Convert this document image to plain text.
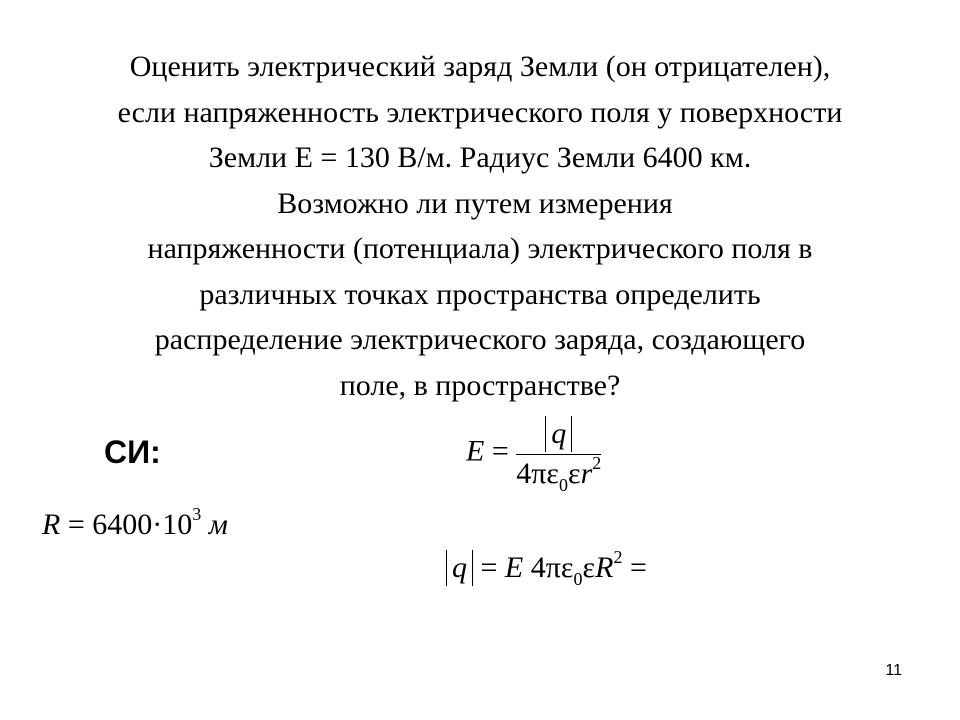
Оценить электрический заряд Земли (он отрицателен),
если напряженность электрического поля у поверхности
Земли E = 130 В/м. Радиус Земли 6400 км.
Возможно ли путем измерения
напряженности (потенциала) электрического поля в
различных точках пространства определить
распределение электрического заряда, создающего
поле, в пространстве?
СИ:
$R = 6400\cdot 10^3$ м
$E = \frac{q}{4\pi\varepsilon_0\varepsilon r^2}$
q = E $4\pi\varepsilon_0\varepsilon R^2$ =
11
